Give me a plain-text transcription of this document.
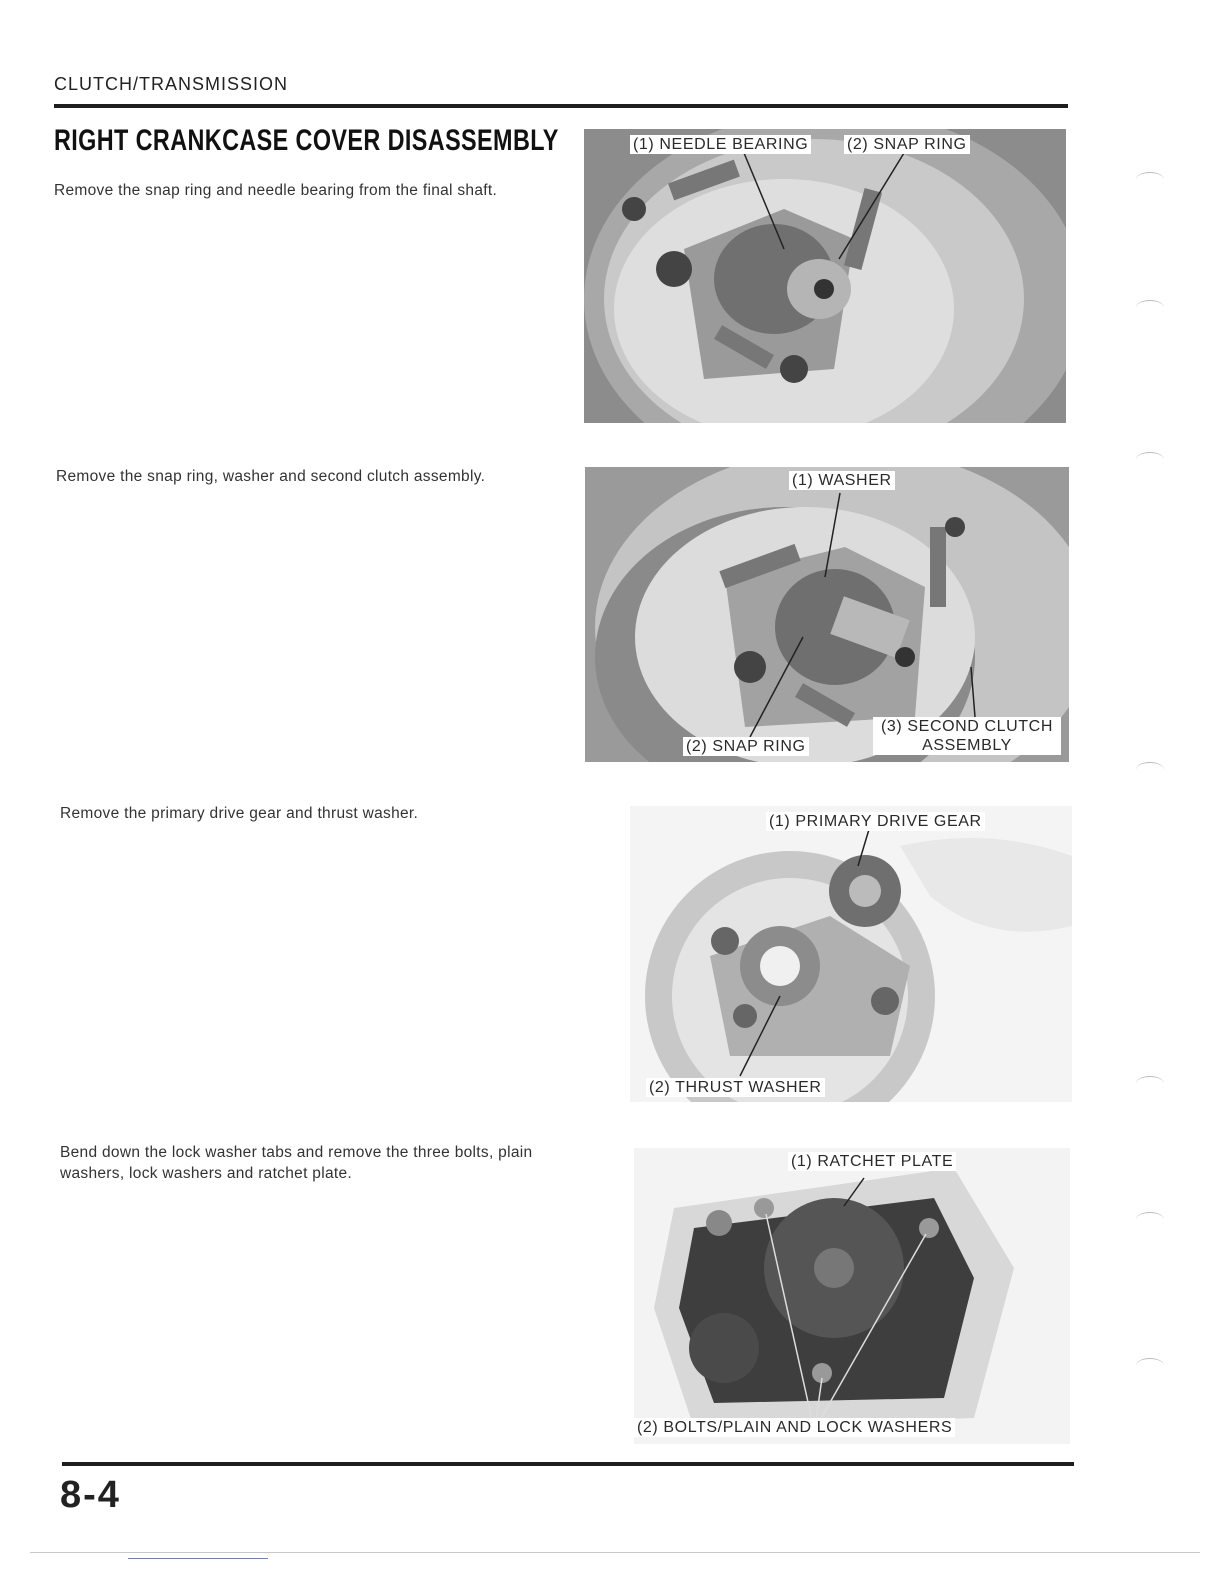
CLUTCH/TRANSMISSION
RIGHT CRANKCASE COVER DISASSEMBLY
Remove the snap ring and needle bearing from the final shaft.
(1) NEEDLE BEARING (2) SNAP RING
Remove the snap ring, washer and second clutch assembly.	(1) WASHER
(2) SNAP RING
(3) SECOND CLUTCH ASSEMBLY
Remove the primary drive gear and thrust washer.	(1) PRIMARY DRIVE GEAR
(2) THRUST WASHER
Bend down the lock washer tabs and remove the three bolts, plain washers, lock washers and ratchet plate.
(1) RATCHET PLATE
(2) BOLTS/PLAIN AND LOCK WASHERS
8-4
